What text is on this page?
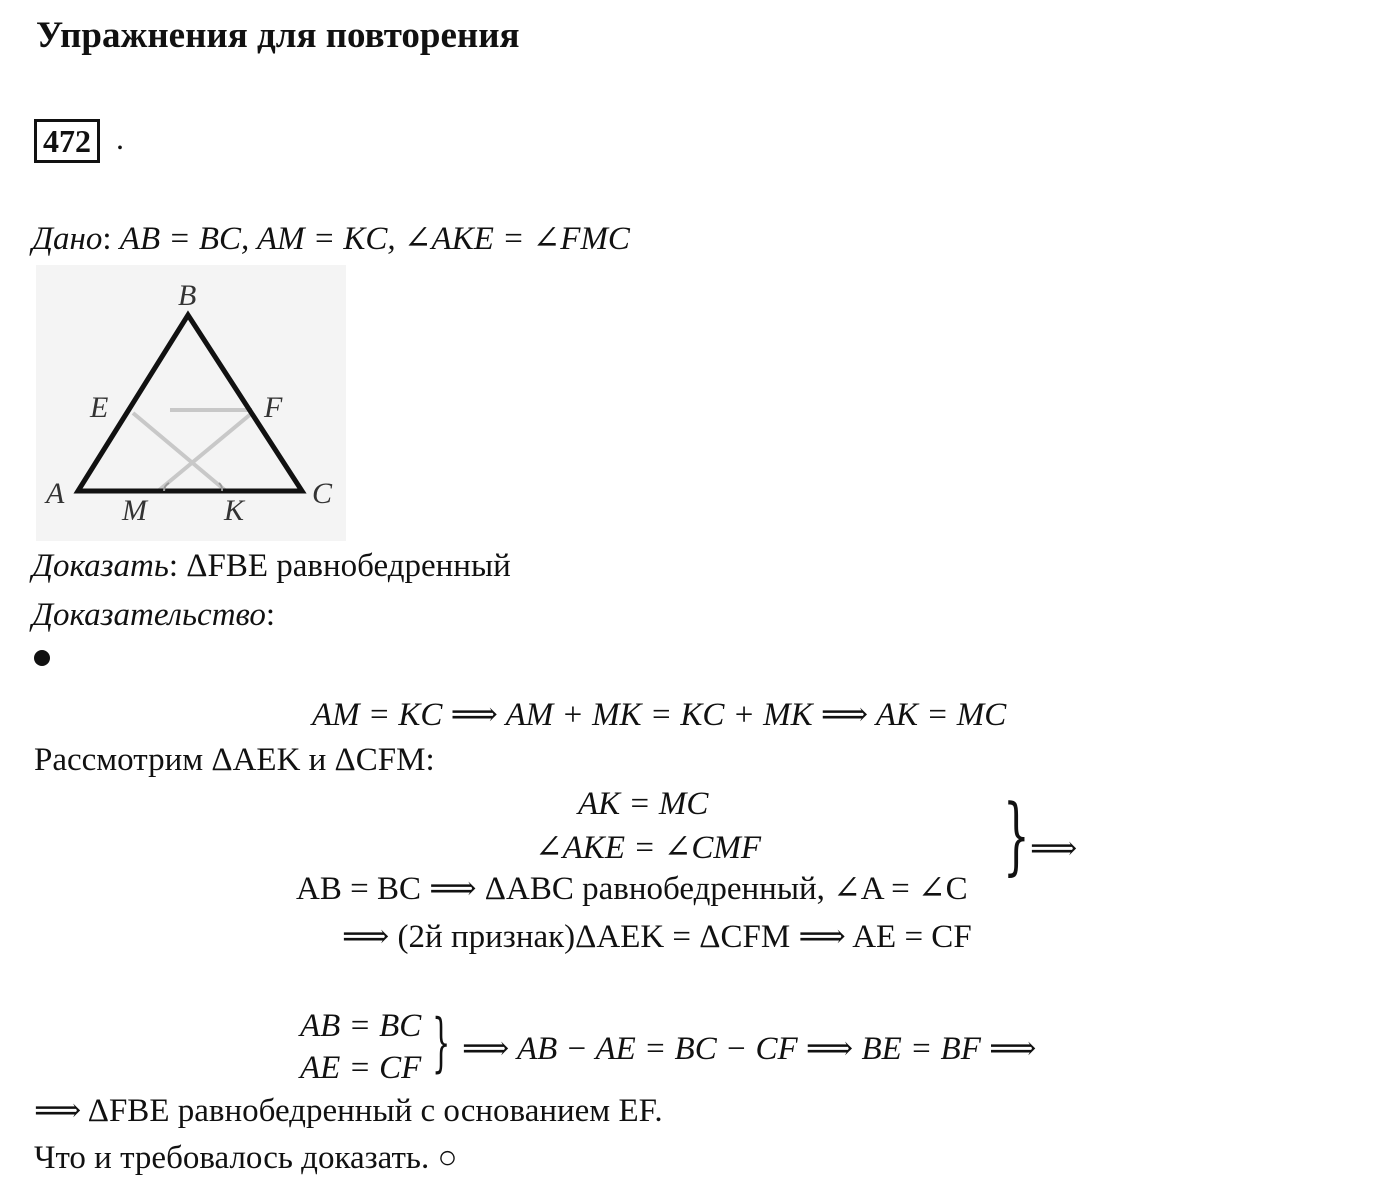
Упражнения для повторения
472 .
Дано: AB = BC, AM = KC, ∠AKE = ∠FMC
B
E	F
A
M	K
C
Доказать: ΔFBE равнобедренный
Доказательство:
AM = KC ⟹ AM + MK = KC + MK ⟹ AK = MC
Рассмотрим ΔAEK и ΔCFM:
AK = MC
∠AKE = ∠CMF
AB = BC ⟹ ΔABC равнобедренный, ∠A = ∠C
} ⟹
⟹ (2й признак)ΔAEK = ΔCFM ⟹ AE = CF
AB = BC
AE = CF } ⟹ AB − AE = BC − CF ⟹ BE = BF ⟹
⟹ ΔFBE равнобедренный с основанием EF.
Что и требовалось доказать. ○
